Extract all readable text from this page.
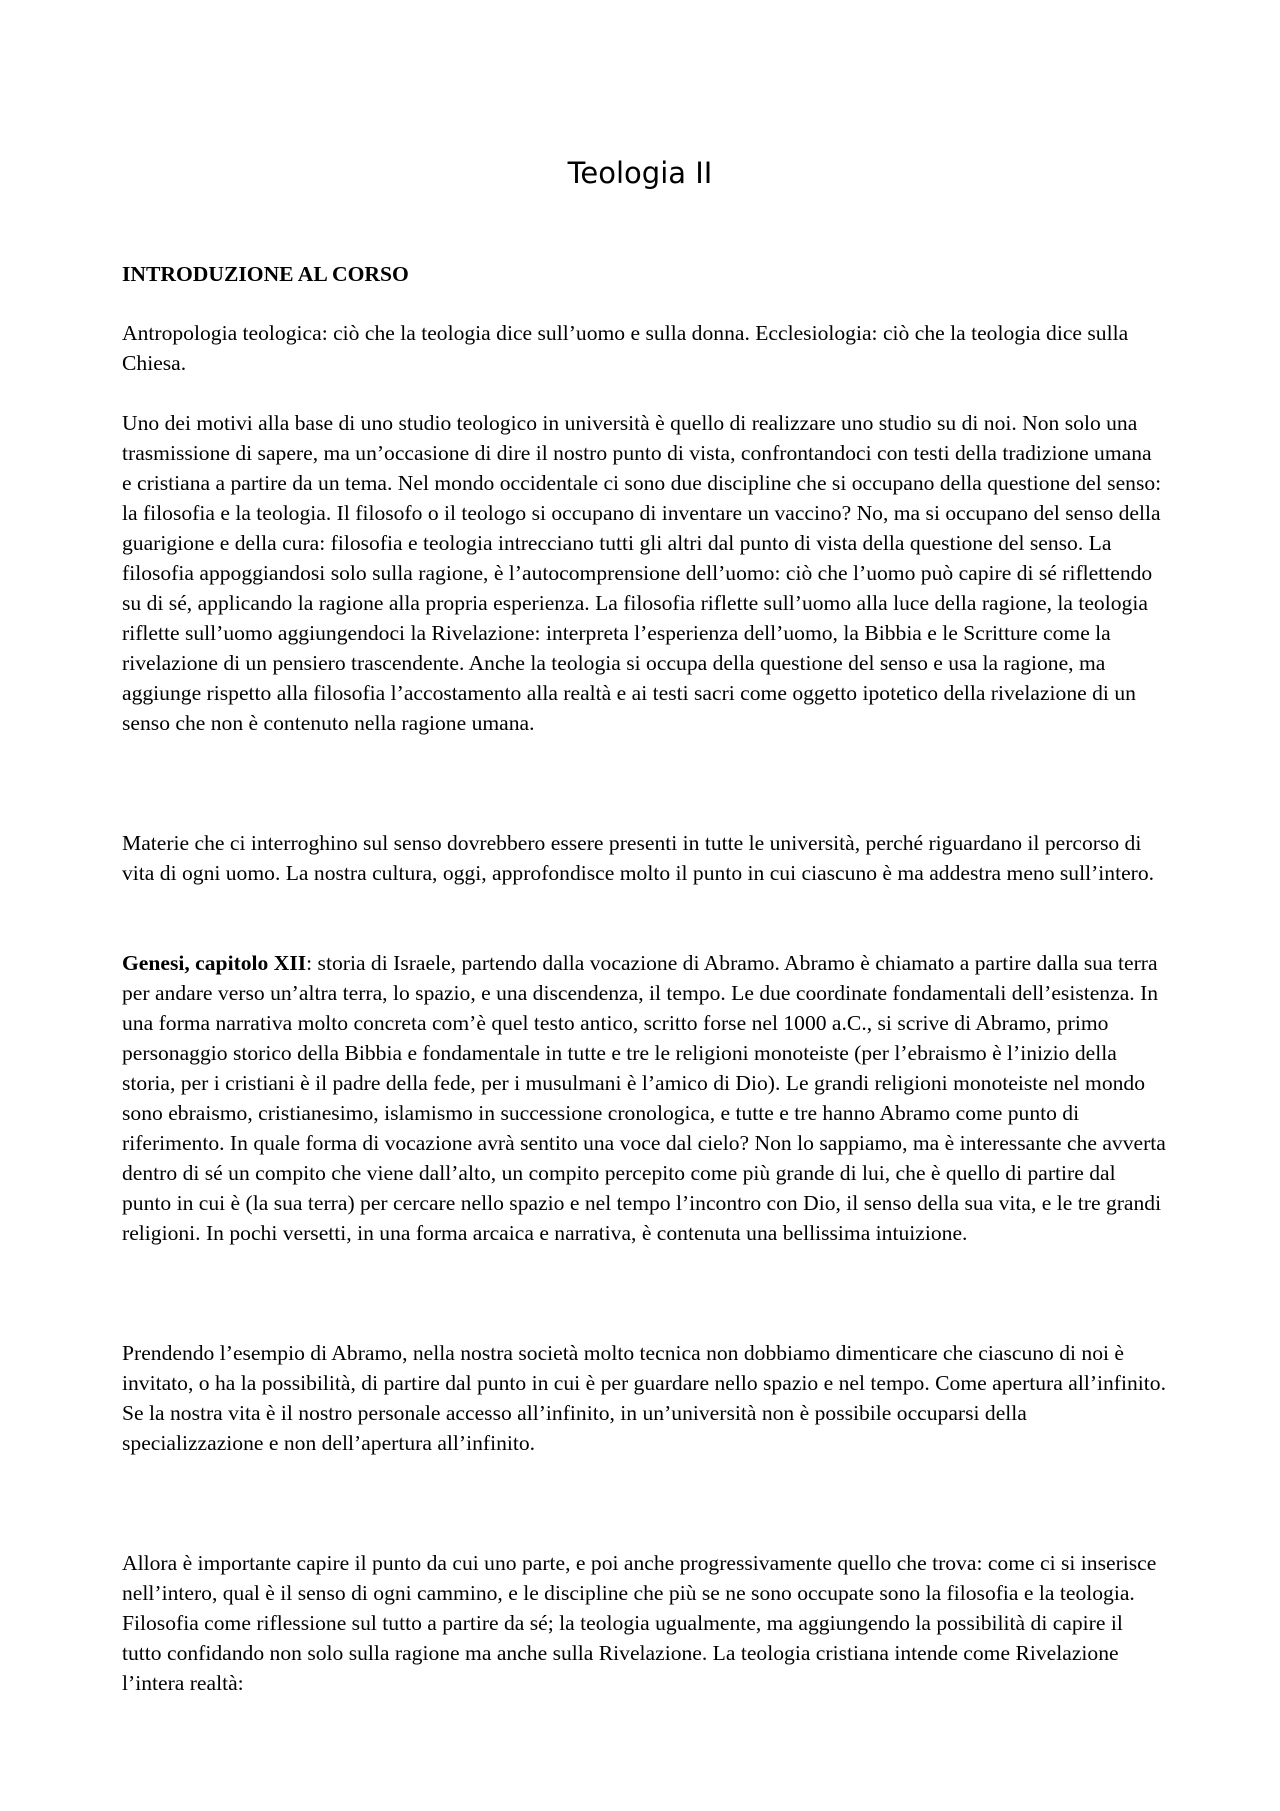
Teologia II

INTRODUZIONE AL CORSO

Antropologia teologica: ciò che la teologia dice sull’uomo e sulla donna. Ecclesiologia: ciò che la teologia dice sulla Chiesa.

Uno dei motivi alla base di uno studio teologico in università è quello di realizzare uno studio su di noi. Non solo una trasmissione di sapere, ma un’occasione di dire il nostro punto di vista, confrontandoci con testi della tradizione umana e cristiana a partire da un tema. Nel mondo occidentale ci sono due discipline che si occupano della questione del senso: la filosofia e la teologia. Il filosofo o il teologo si occupano di inventare un vaccino? No, ma si occupano del senso della guarigione e della cura: filosofia e teologia intrecciano tutti gli altri dal punto di vista della questione del senso. La filosofia appoggiandosi solo sulla ragione, è l’autocomprensione dell’uomo: ciò che l’uomo può capire di sé riflettendo su di sé, applicando la ragione alla propria esperienza. La filosofia riflette sull’uomo alla luce della ragione, la teologia riflette sull’uomo aggiungendoci la Rivelazione: interpreta l’esperienza dell’uomo, la Bibbia e le Scritture come la rivelazione di un pensiero trascendente. Anche la teologia si occupa della questione del senso e usa la ragione, ma aggiunge rispetto alla filosofia l’accostamento alla realtà e ai testi sacri come oggetto ipotetico della rivelazione di un senso che non è contenuto nella ragione umana.

Materie che ci interroghino sul senso dovrebbero essere presenti in tutte le università, perché riguardano il percorso di vita di ogni uomo. La nostra cultura, oggi, approfondisce molto il punto in cui ciascuno è ma addestra meno sull’intero.

Genesi, capitolo XII: storia di Israele, partendo dalla vocazione di Abramo. Abramo è chiamato a partire dalla sua terra per andare verso un’altra terra, lo spazio, e una discendenza, il tempo. Le due coordinate fondamentali dell’esistenza. In una forma narrativa molto concreta com’è quel testo antico, scritto forse nel 1000 a.C., si scrive di Abramo, primo personaggio storico della Bibbia e fondamentale in tutte e tre le religioni monoteiste (per l’ebraismo è l’inizio della storia, per i cristiani è il padre della fede, per i musulmani è l’amico di Dio). Le grandi religioni monoteiste nel mondo sono ebraismo, cristianesimo, islamismo in successione cronologica, e tutte e tre hanno Abramo come punto di riferimento. In quale forma di vocazione avrà sentito una voce dal cielo? Non lo sappiamo, ma è interessante che avverta dentro di sé un compito che viene dall’alto, un compito percepito come più grande di lui, che è quello di partire dal punto in cui è (la sua terra) per cercare nello spazio e nel tempo l’incontro con Dio, il senso della sua vita, e le tre grandi religioni. In pochi versetti, in una forma arcaica e narrativa, è contenuta una bellissima intuizione.

Prendendo l’esempio di Abramo, nella nostra società molto tecnica non dobbiamo dimenticare che ciascuno di noi è invitato, o ha la possibilità, di partire dal punto in cui è per guardare nello spazio e nel tempo. Come apertura all’infinito. Se la nostra vita è il nostro personale accesso all’infinito, in un’università non è possibile occuparsi della specializzazione e non dell’apertura all’infinito.

Allora è importante capire il punto da cui uno parte, e poi anche progressivamente quello che trova: come ci si inserisce nell’intero, qual è il senso di ogni cammino, e le discipline che più se ne sono occupate sono la filosofia e la teologia. Filosofia come riflessione sul tutto a partire da sé; la teologia ugualmente, ma aggiungendo la possibilità di capire il tutto confidando non solo sulla ragione ma anche sulla Rivelazione. La teologia cristiana intende come Rivelazione l’intera realtà:
